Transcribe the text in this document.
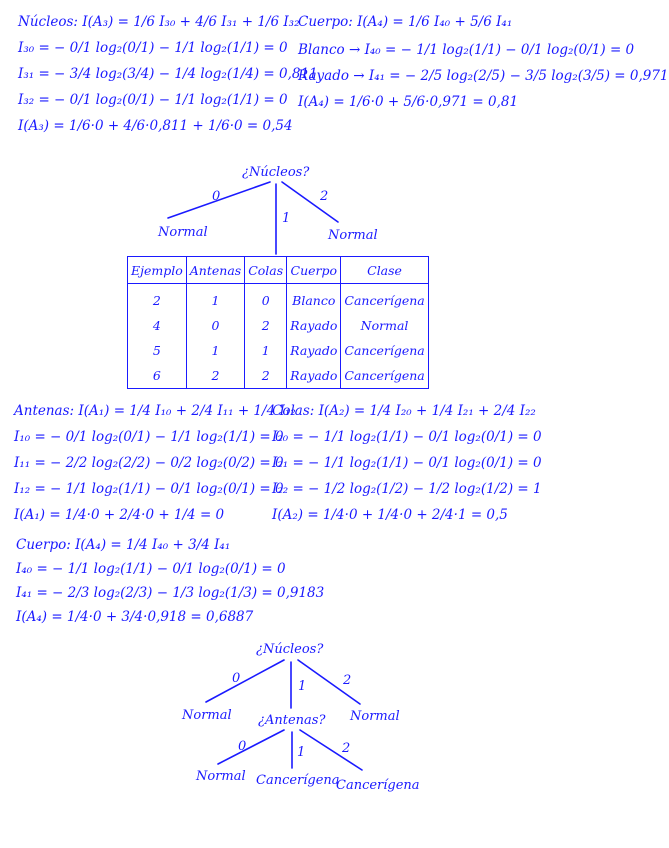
Núcleos: I(A₃) = 1/6 I₃₀ + 4/6 I₃₁ + 1/6 I₃₂
I₃₀ = − 0/1 log₂(0/1) − 1/1 log₂(1/1) = 0
I₃₁ = − 3/4 log₂(3/4) − 1/4 log₂(1/4) = 0,811
I₃₂ = − 0/1 log₂(0/1) − 1/1 log₂(1/1) = 0
I(A₃) = 1/6·0 + 4/6·0,811 + 1/6·0 = 0,54
Cuerpo: I(A₄) = 1/6 I₄₀ + 5/6 I₄₁
Blanco → I₄₀ = − 1/1 log₂(1/1) − 0/1 log₂(0/1) = 0
Rayado → I₄₁ = − 2/5 log₂(2/5) − 3/5 log₂(3/5) = 0,971
I(A₄) = 1/6·0 + 5/6·0,971 = 0,81
¿Núcleos?
0
1
2
Normal	Normal
Ejemplo	Antenas	Colas	Cuerpo	Clase
2	1	0	Blanco	Cancerígena
4	0	2	Rayado	Normal
5	1	1	Rayado	Cancerígena
6	2	2	Rayado	Cancerígena
Antenas: I(A₁) = 1/4 I₁₀ + 2/4 I₁₁ + 1/4 I₁₂
I₁₀ = − 0/1 log₂(0/1) − 1/1 log₂(1/1) = 0
I₁₁ = − 2/2 log₂(2/2) − 0/2 log₂(0/2) = 0
I₁₂ = − 1/1 log₂(1/1) − 0/1 log₂(0/1) = 0
I(A₁) = 1/4·0 + 2/4·0 + 1/4 = 0
Colas: I(A₂) = 1/4 I₂₀ + 1/4 I₂₁ + 2/4 I₂₂
I₂₀ = − 1/1 log₂(1/1) − 0/1 log₂(0/1) = 0
I₂₁ = − 1/1 log₂(1/1) − 0/1 log₂(0/1) = 0
I₂₂ = − 1/2 log₂(1/2) − 1/2 log₂(1/2) = 1
I(A₂) = 1/4·0 + 1/4·0 + 2/4·1 = 0,5
Cuerpo: I(A₄) = 1/4 I₄₀ + 3/4 I₄₁
I₄₀ = − 1/1 log₂(1/1) − 0/1 log₂(0/1) = 0
I₄₁ = − 2/3 log₂(2/3) − 1/3 log₂(1/3) = 0,9183
I(A₄) = 1/4·0 + 3/4·0,918 = 0,6887
¿Núcleos?
0
1	2
Normal	Normal
¿Antenas?
0	1	2
Normal Cancerígena
Cancerígena
